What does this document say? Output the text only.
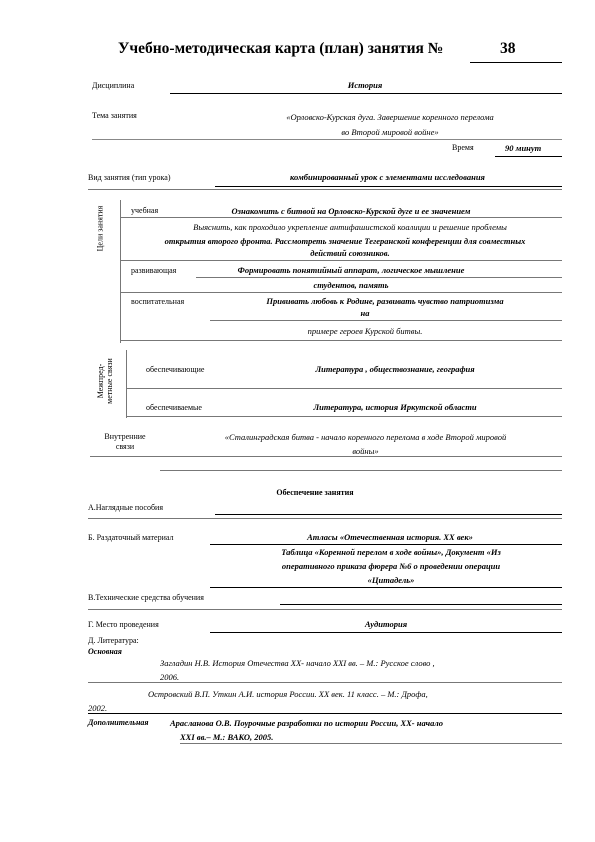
Учебно-методическая карта (план) занятия №	38
Дисциплина	История
Тема занятия	«Орловско-Курская дуга. Завершение коренного перелома
во Второй мировой войне»
Время	90 минут
Вид занятия (тип урока)	комбинированный урок с элементами исследования
Цели занятия	учебная	Ознакомить с битвой на Орловско-Курской дуге и ее значением
Выяснить, как проходило укрепление антифашистской коалиции и решение проблемы
открытия второго фронта. Рассмотреть значение Тегеранской конференции для совместных
действий союзников.
развивающая	Формировать понятийный аппарат, логическое мышление
студентов, память
воспитательная	Прививать любовь к Родине, развивать чувство патриотизма
на
примере героев Курской битвы.
Межпред-
метные связи	обеспечивающие	Литература , обществознание, география
обеспечиваемые	Литература, история Иркутской области
Внутренние
связи
«Сталинградская битва - начало коренного перелома в ходе Второй мировой
войны»
Обеспечение занятия
А.Наглядные пособия
Б. Раздаточный материал	Атласы «Отечественная история. XX век»
Таблица «Коренной перелом в ходе войны», Документ «Из
оперативного приказа фюрера №6 о проведении операции
«Цитадель»
В.Технические средства обучения
Г. Место проведения	Аудитория
Д. Литература:
Основная
Загладин Н.В. История Отечества XX- начало XXI вв. – М.: Русское слово ,
2006.
Островский В.П. Уткин А.И. история России. XX век. 11 класс. – М.: Дрофа,
2002.
Дополнительная	Арасланова О.В. Поурочные разработки по истории России, XX- начало
XXI вв.– М.: ВАКО, 2005.
